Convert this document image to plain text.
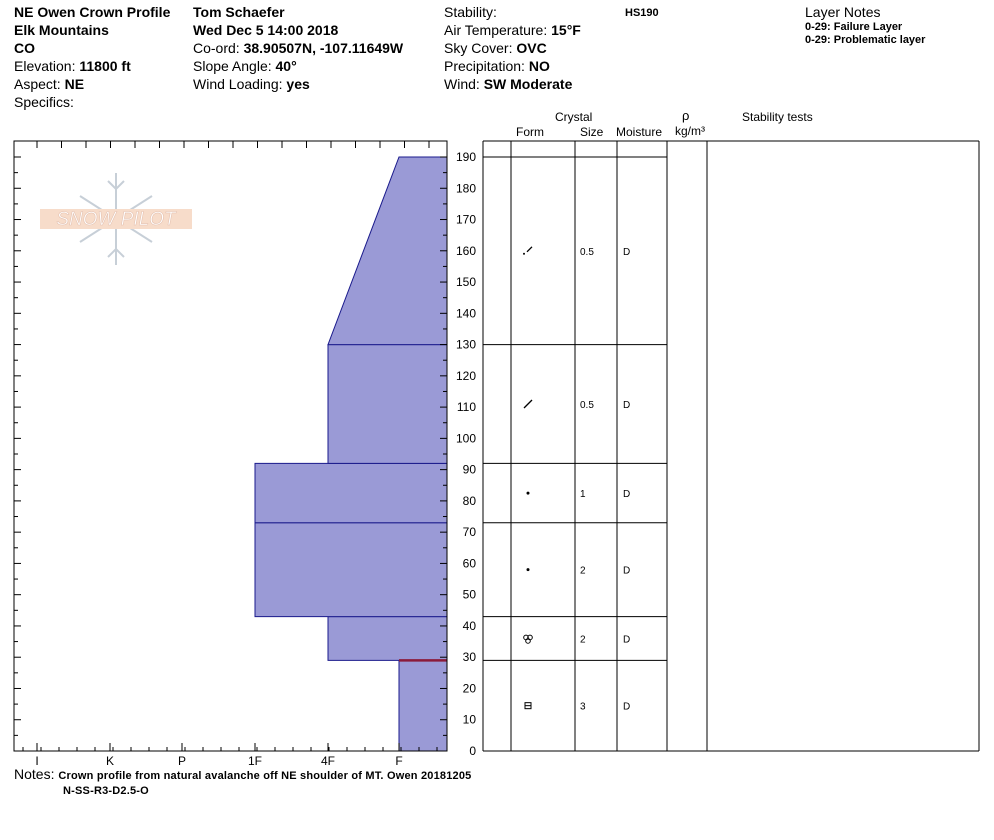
NE Owen Crown Profile
Elk Mountains
CO
Elevation: 11800 ft
Aspect: NE
Specifics:
Tom Schaefer
Wed Dec 5 14:00 2018
Co-ord: 38.90507N, -107.11649W
Slope Angle: 40°
Wind Loading: yes
Stability:
Air Temperature: 15°F
Sky Cover: OVC
Precipitation: NO
Wind: SW Moderate
HS190	Layer Notes
0-29: Failure Layer
0-29: Problematic layer
Crystal
Form	Size Moisture
ρ
kg/m³
Stability tests
SNOW PILOT
0
10
20
30
40
50
60
70
80
90
100
110
120
130
140
150
160
170
180
190
I	K	P	1F	4F	F
3	D
2	D
2	D
1	D
0.5	D
0.5	D
Notes: Crown profile from natural avalanche off NE shoulder of MT. Owen 20181205
N-SS-R3-D2.5-O
